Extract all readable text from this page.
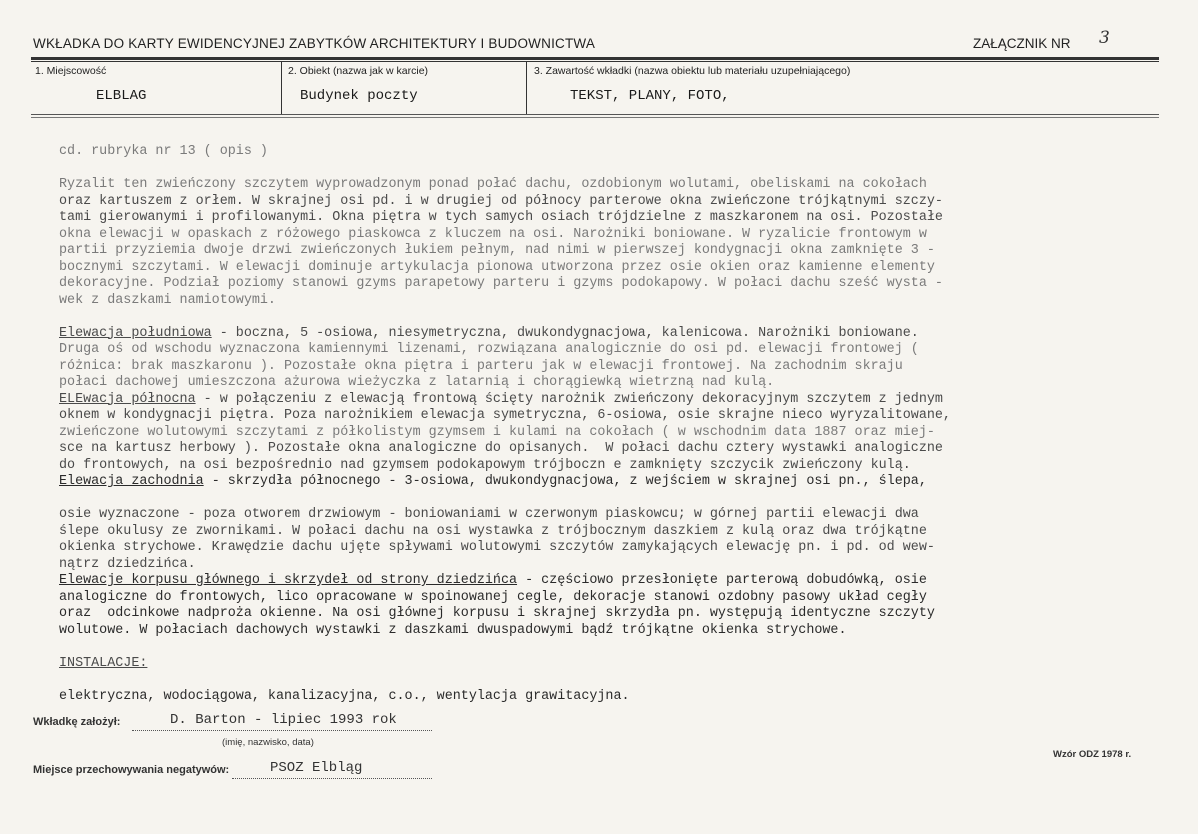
WKŁADKA DO KARTY EWIDENCYJNEJ ZABYTKÓW ARCHITEKTURY I BUDOWNICTWA	ZAŁĄCZNIK NR 3
1. Miejscowość
ELBLAG
2. Obiekt (nazwa jak w karcie)
Budynek poczty
3. Zawartość wkładki (nazwa obiektu lub materiału uzupełniającego)
TEKST, PLANY, FOTO,
cd. rubryka nr 13 ( opis )

Ryzalit ten zwieńczony szczytem wyprowadzonym ponad połać dachu, ozdobionym wolutami, obeliskami na cokołach
oraz kartuszem z orłem. W skrajnej osi pd. i w drugiej od północy parterowe okna zwieńczone trójkątnymi szczy-
tami gierowanymi i profilowanymi. Okna piętra w tych samych osiach trójdzielne z maszkaronem na osi. Pozostałe
okna elewacji w opaskach z różowego piaskowca z kluczem na osi. Narożniki boniowane. W ryzalicie frontowym w
partii przyziemia dwoje drzwi zwieńczonych łukiem pełnym, nad nimi w pierwszej kondygnacji okna zamknięte 3 -
bocznymi szczytami. W elewacji dominuje artykulacja pionowa utworzona przez osie okien oraz kamienne elementy
dekoracyjne. Podział poziomy stanowi gzyms parapetowy parteru i gzyms podokapowy. W połaci dachu sześć wysta -
wek z daszkami namiotowymi.

Elewacja południowa - boczna, 5 -osiowa, niesymetryczna, dwukondygnacjowa, kalenicowa. Narożniki boniowane.
Druga oś od wschodu wyznaczona kamiennymi lizenami, rozwiązana analogicznie do osi pd. elewacji frontowej (
różnica: brak maszkaronu ). Pozostałe okna piętra i parteru jak w elewacji frontowej. Na zachodnim skraju
połaci dachowej umieszczona ażurowa wieżyczka z latarnią i chorągiewką wietrzną nad kulą.
ELEwacja północna - w połączeniu z elewacją frontową ścięty narożnik zwieńczony dekoracyjnym szczytem z jednym
oknem w kondygnacji piętra. Poza narożnikiem elewacja symetryczna, 6-osiowa, osie skrajne nieco wyryzalitowane,
zwieńczone wolutowymi szczytami z półkolistym gzymsem i kulami na cokołach ( w wschodnim data 1887 oraz miej-
sce na kartusz herbowy ). Pozostałe okna analogiczne do opisanych.  W połaci dachu cztery wystawki analogiczne
do frontowych, na osi bezpośrednio nad gzymsem podokapowym trójboczn e zamknięty szczycik zwieńczony kulą.
Elewacja zachodnia - skrzydła północnego - 3-osiowa, dwukondygnacjowa, z wejściem w skrajnej osi pn., ślepa,

osie wyznaczone - poza otworem drzwiowym - boniowaniami w czerwonym piaskowcu; w górnej partii elewacji dwa
ślepe okulusy ze zwornikami. W połaci dachu na osi wystawka z trójbocznym daszkiem z kulą oraz dwa trójkątne
okienka strychowe. Krawędzie dachu ujęte spływami wolutowymi szczytów zamykających elewację pn. i pd. od wew-
nątrz dziedzińca.
Elewacje korpusu głównego i skrzydeł od strony dziedzińca - częściowo przesłonięte parterową dobudówką, osie
analogiczne do frontowych, lico opracowane w spoinowanej cegle, dekoracje stanowi ozdobny pasowy układ cegły
oraz  odcinkowe nadproża okienne. Na osi głównej korpusu i skrajnej skrzydła pn. występują identyczne szczyty
wolutowe. W połaciach dachowych wystawki z daszkami dwuspadowymi bądź trójkątne okienka strychowe.

INSTALACJE:

elektryczna, wodociągowa, kanalizacyjna, c.o., wentylacja grawitacyjna.
Wkładkę założył:	D. Barton - lipiec 1993 rok
(imię, nazwisko, data)
Wzór ODZ 1978 r.
Miejsce przechowywania negatywów:	PSOZ Elbląg
